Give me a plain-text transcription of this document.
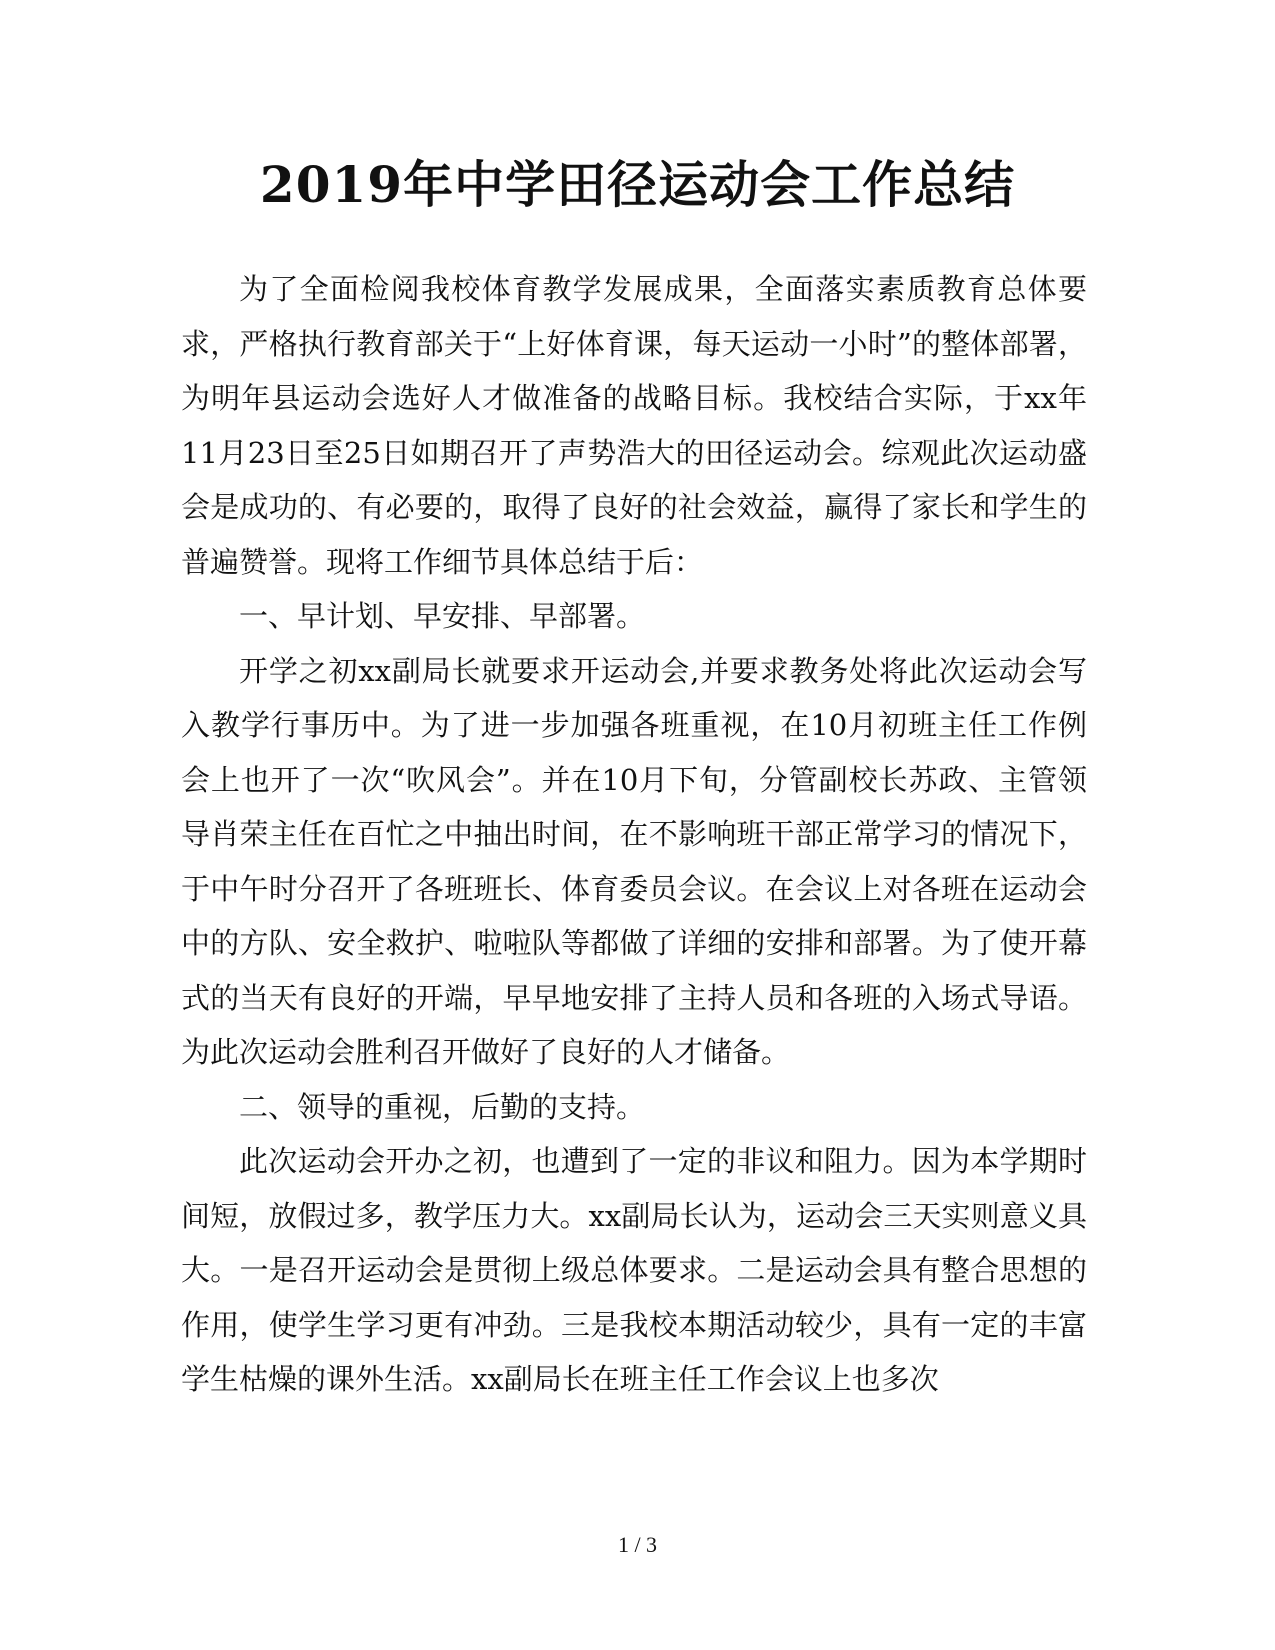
2019年中学田径运动会工作总结

为了全面检阅我校体育教学发展成果，全面落实素质教育总体要求，严格执行教育部关于“上好体育课，每天运动一小时”的整体部署，为明年县运动会选好人才做准备的战略目标。我校结合实际，于xx年11月23日至25日如期召开了声势浩大的田径运动会。综观此次运动盛会是成功的、有必要的，取得了良好的社会效益，赢得了家长和学生的普遍赞誉。现将工作细节具体总结于后：

一、早计划、早安排、早部署。

开学之初xx副局长就要求开运动会,并要求教务处将此次运动会写入教学行事历中。为了进一步加强各班重视，在10月初班主任工作例会上也开了一次“吹风会”。并在10月下旬，分管副校长苏政、主管领导肖荣主任在百忙之中抽出时间，在不影响班干部正常学习的情况下，于中午时分召开了各班班长、体育委员会议。在会议上对各班在运动会中的方队、安全救护、啦啦队等都做了详细的安排和部署。为了使开幕式的当天有良好的开端，早早地安排了主持人员和各班的入场式导语。为此次运动会胜利召开做好了良好的人才储备。

二、领导的重视，后勤的支持。

此次运动会开办之初，也遭到了一定的非议和阻力。因为本学期时间短，放假过多，教学压力大。xx副局长认为，运动会三天实则意义具大。一是召开运动会是贯彻上级总体要求。二是运动会具有整合思想的作用，使学生学习更有冲劲。三是我校本期活动较少，具有一定的丰富学生枯燥的课外生活。xx副局长在班主任工作会议上也多次

1 / 3
